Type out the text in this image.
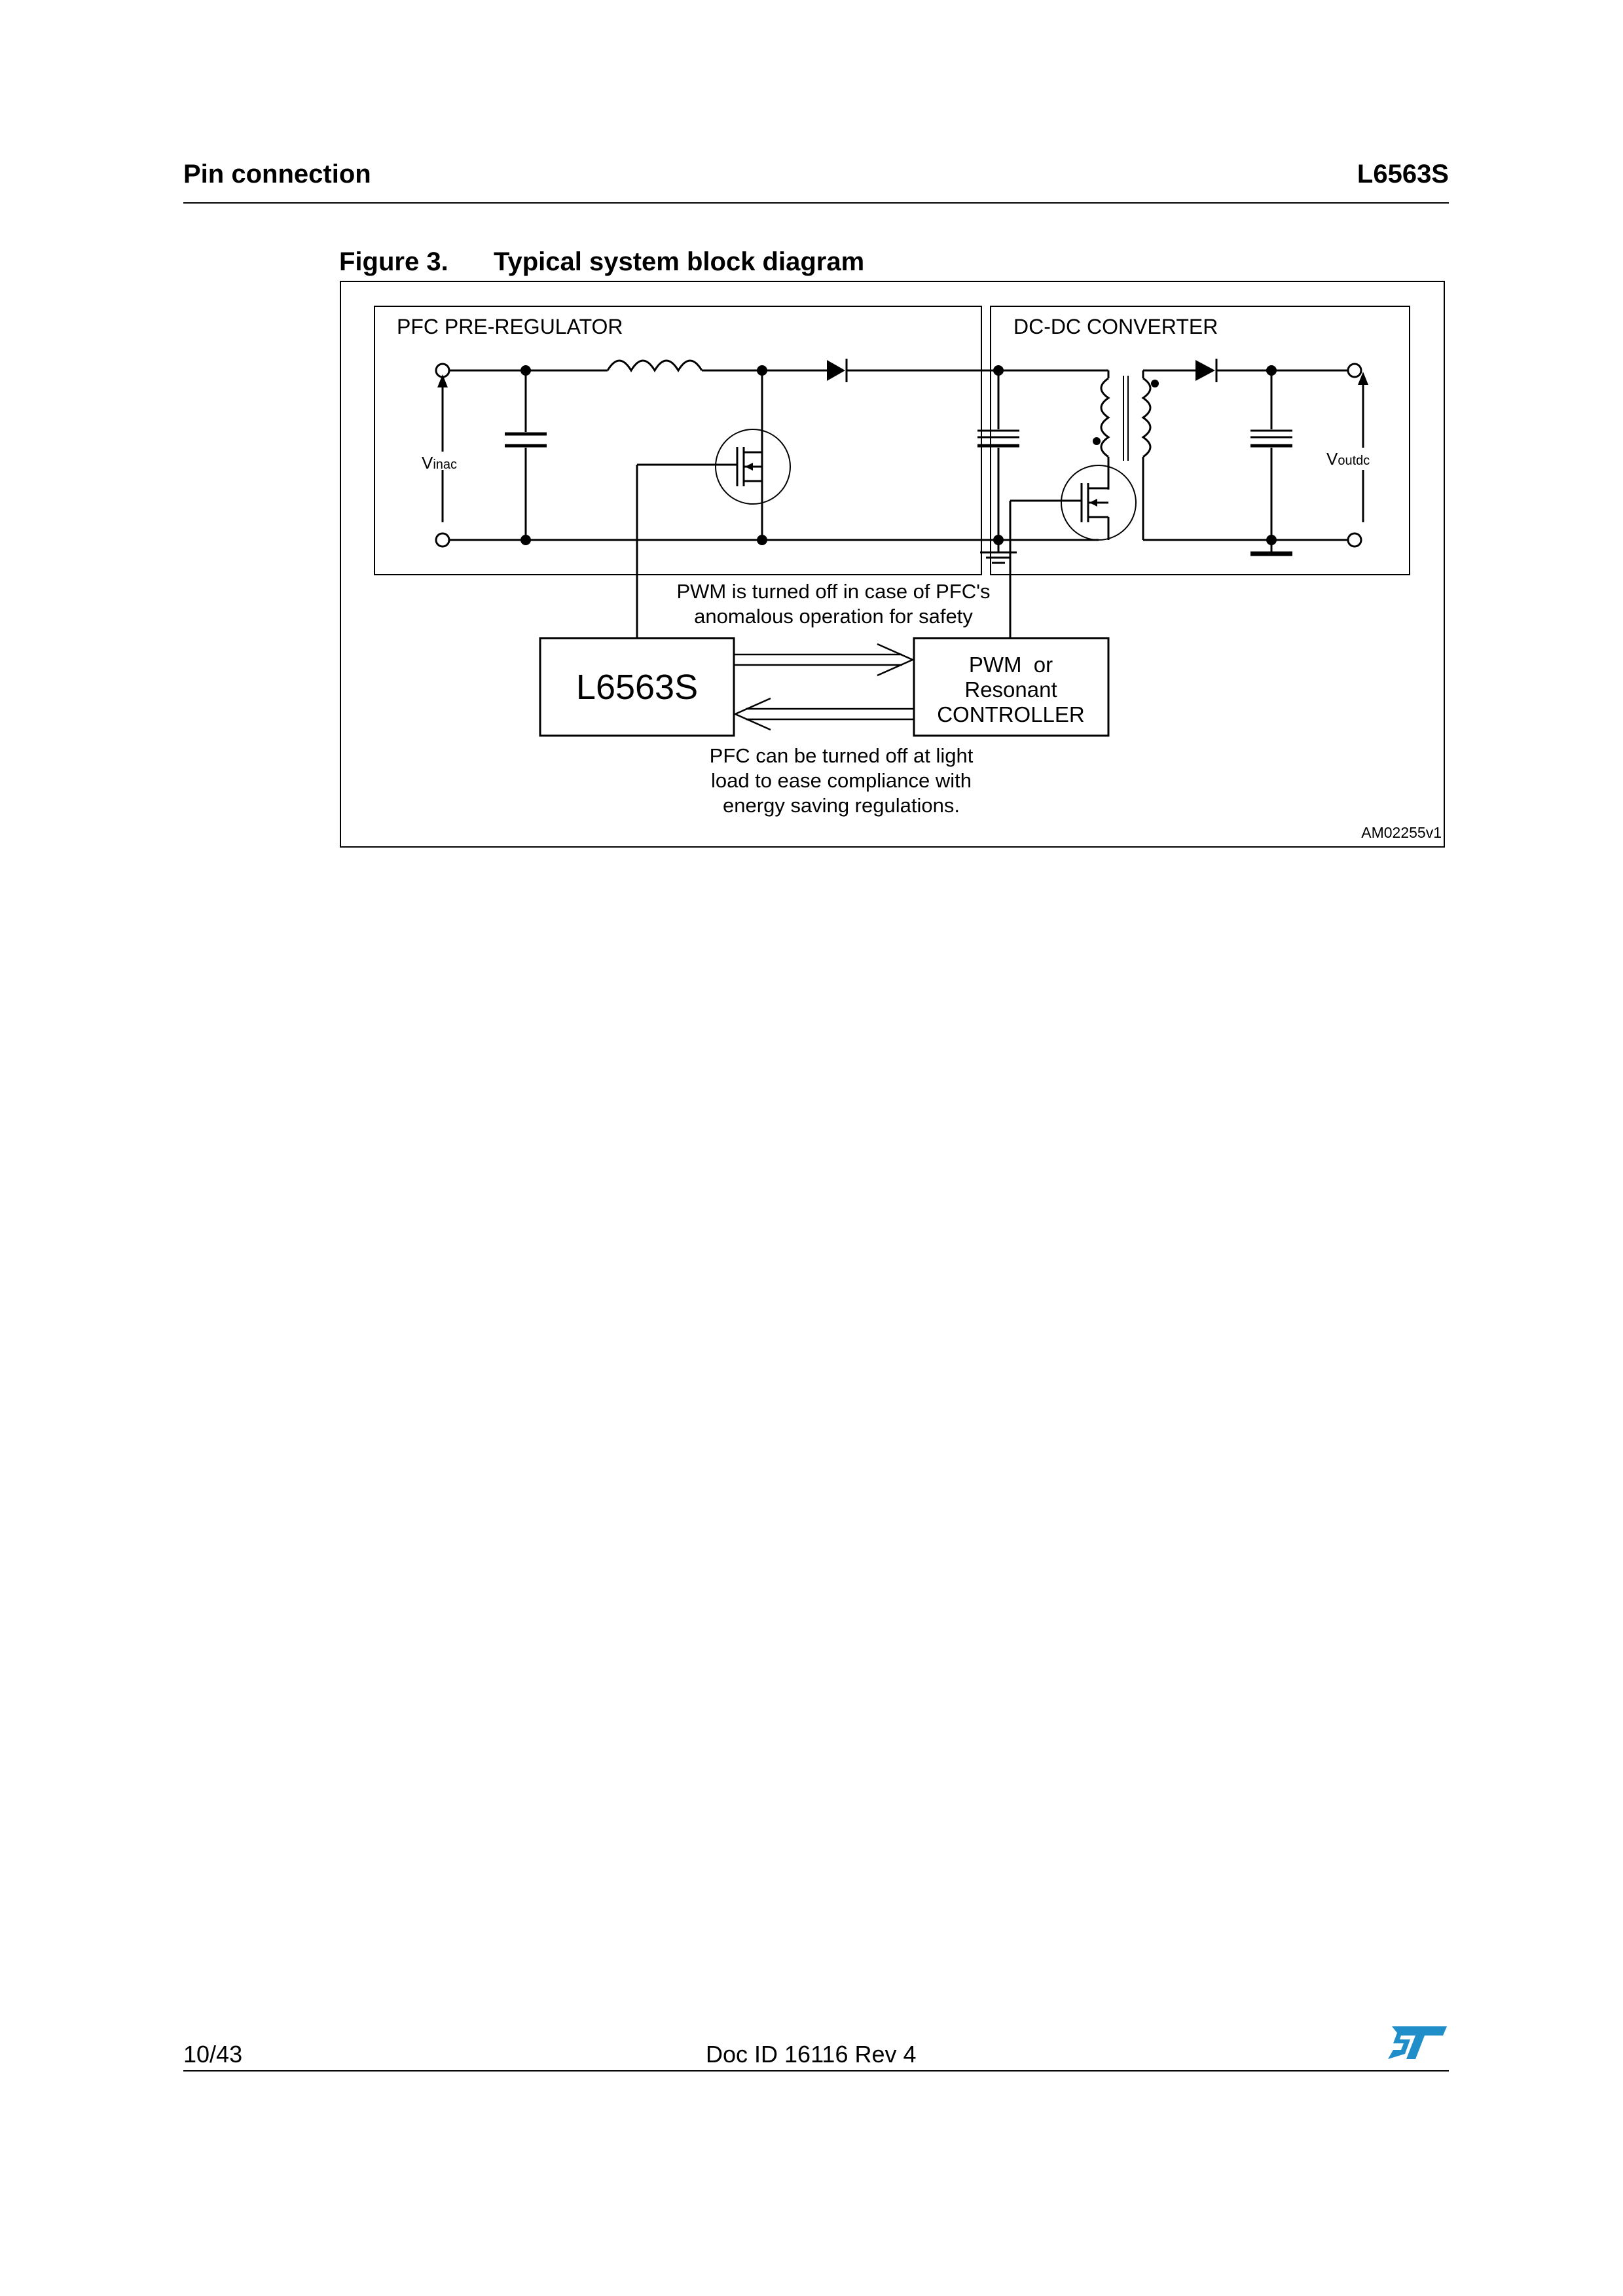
Pin connection	L6563S
Figure 3. Typical system block diagram
PFC PRE-REGULATOR	DC-DC CONVERTER
Vinac	Voutdc
PWM is turned off in case of PFC's
anomalous operation for safety
L6563S
PWM  or
Resonant
CONTROLLER
PFC can be turned off at light
load to ease compliance with
energy saving regulations.
AM02255v1
10/43	Doc ID 16116 Rev 4
